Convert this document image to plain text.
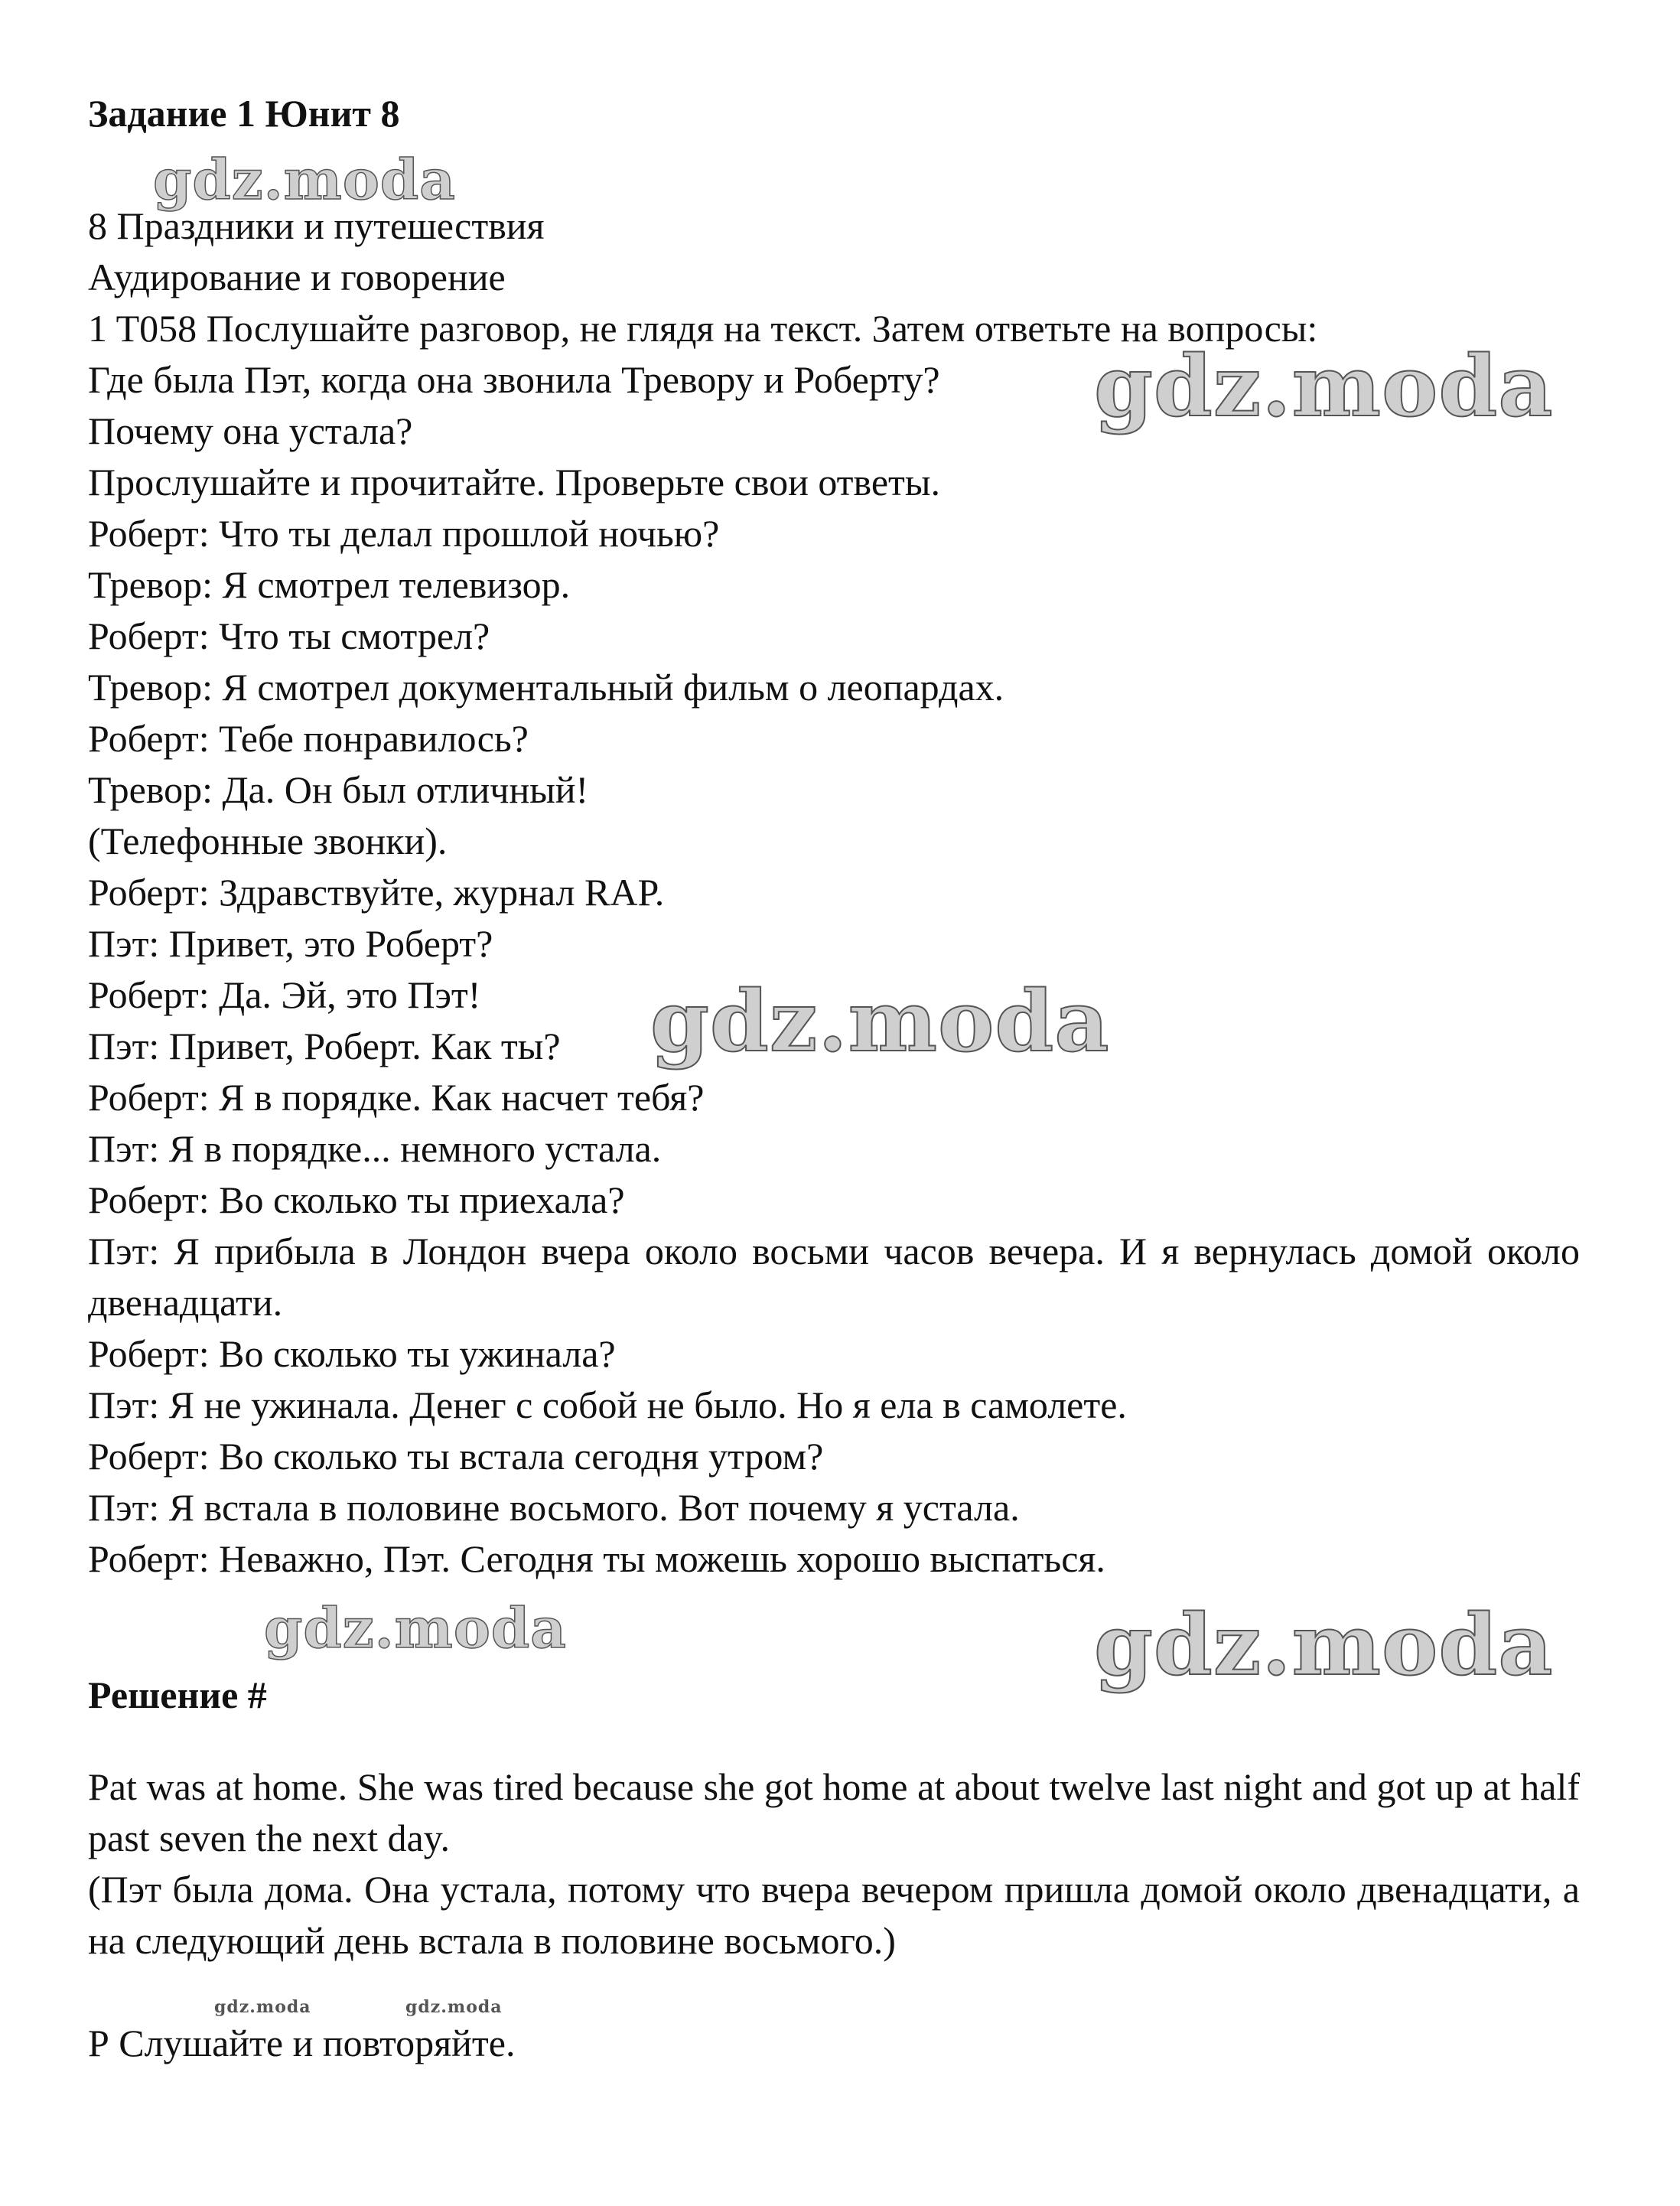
Задание 1 Юнит 8
8 Праздники и путешествия
Аудирование и говорение
1 T058 Послушайте разговор, не глядя на текст. Затем ответьте на вопросы:
Где была Пэт, когда она звонила Тревору и Роберту?
Почему она устала?
Прослушайте и прочитайте. Проверьте свои ответы.
Роберт: Что ты делал прошлой ночью?
Тревор: Я смотрел телевизор.
Роберт: Что ты смотрел?
Тревор: Я смотрел документальный фильм о леопардах.
Роберт: Тебе понравилось?
Тревор: Да. Он был отличный!
(Телефонные звонки).
Роберт: Здравствуйте, журнал RAP.
Пэт: Привет, это Роберт?
Роберт: Да. Эй, это Пэт!
Пэт: Привет, Роберт. Как ты?
Роберт: Я в порядке. Как насчет тебя?
Пэт: Я в порядке... немного устала.
Роберт: Во сколько ты приехала?
Пэт: Я прибыла в Лондон вчера около восьми часов вечера. И я вернулась домой около двенадцати.
Роберт: Во сколько ты ужинала?
Пэт: Я не ужинала. Денег с собой не было. Но я ела в самолете.
Роберт: Во сколько ты встала сегодня утром?
Пэт: Я встала в половине восьмого. Вот почему я устала.
Роберт: Неважно, Пэт. Сегодня ты можешь хорошо выспаться.
Решение #
Pat was at home. She was tired because she got home at about twelve last night and got up at half past seven the next day.
(Пэт была дома. Она устала, потому что вчера вечером пришла домой около двенадцати, а на следующий день встала в половине восьмого.)
Р Слушайте и повторяйте.
gdz.moda
gdz.moda
gdz.moda
gdz.moda	gdz.moda
gdz.moda	gdz.moda
